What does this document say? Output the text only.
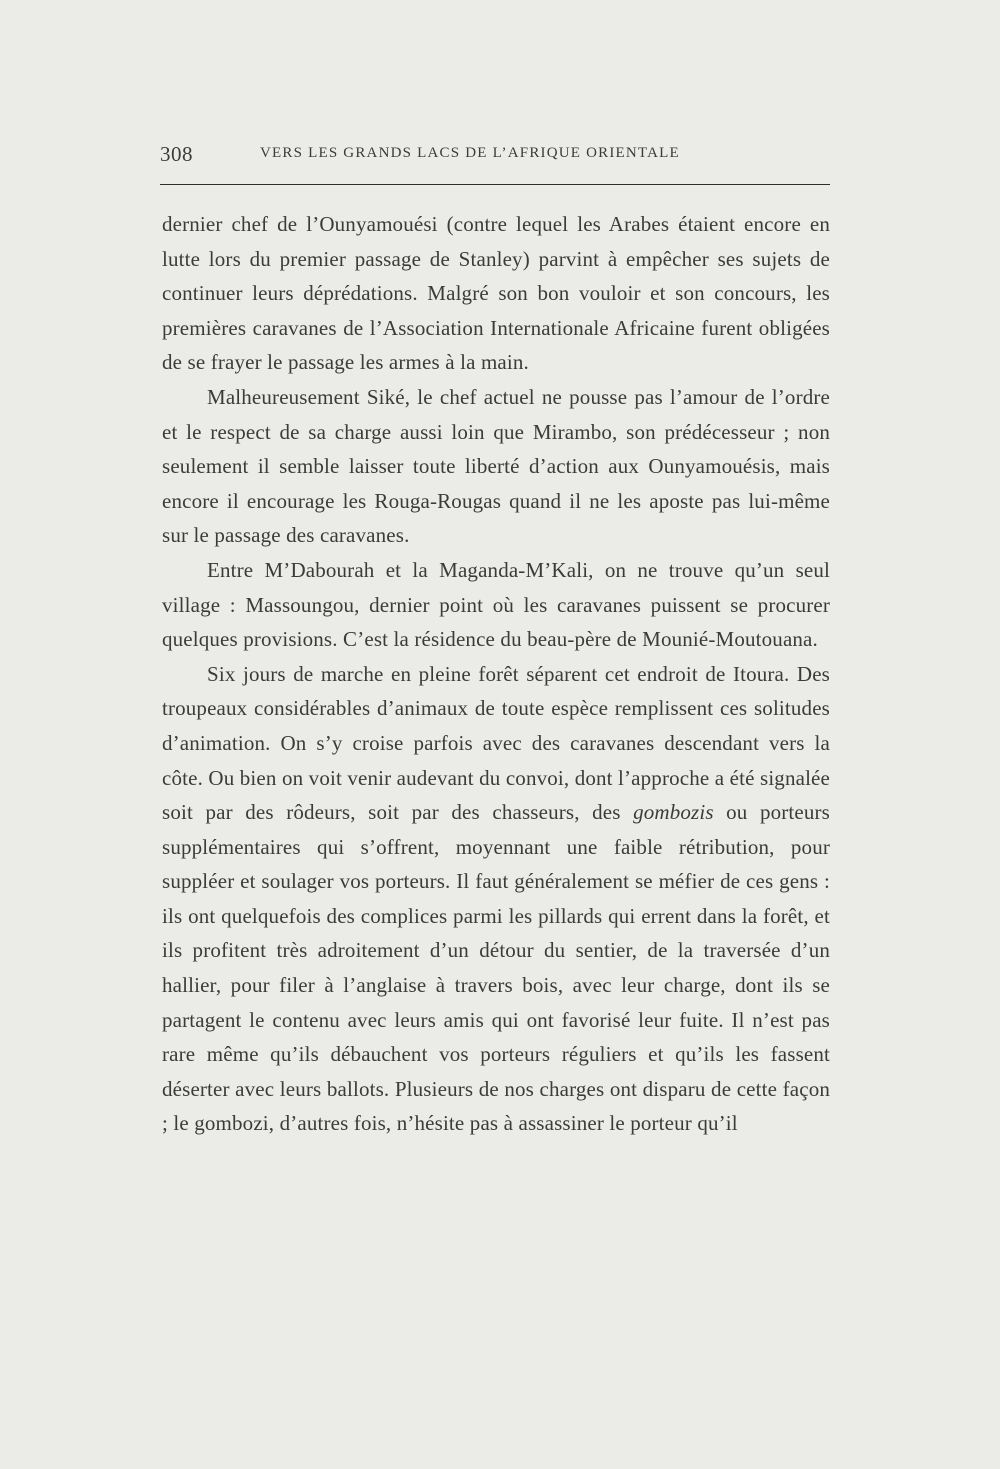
308	VERS LES GRANDS LACS DE L’AFRIQUE ORIENTALE

dernier chef de l’Ounyamouési (contre lequel les Arabes étaient encore en lutte lors du premier passage de Stanley) parvint à empêcher ses sujets de continuer leurs déprédations. Malgré son bon vouloir et son concours, les premières caravanes de l’Association Internationale Africaine furent obligées de se frayer le passage les armes à la main.

Malheureusement Siké, le chef actuel ne pousse pas l’amour de l’ordre et le respect de sa charge aussi loin que Mirambo, son prédécesseur ; non seulement il semble laisser toute liberté d’action aux Ounyamouésis, mais encore il encourage les Rouga-Rougas quand il ne les aposte pas lui-même sur le passage des caravanes.

Entre M’Dabourah et la Maganda-M’Kali, on ne trouve qu’un seul village : Massoungou, dernier point où les caravanes puissent se procurer quelques provisions. C’est la résidence du beau-père de Mounié-Moutouana.

Six jours de marche en pleine forêt séparent cet endroit de Itoura. Des troupeaux considérables d’animaux de toute espèce remplissent ces solitudes d’animation. On s’y croise parfois avec des caravanes descendant vers la côte. Ou bien on voit venir audevant du convoi, dont l’approche a été signalée soit par des rôdeurs, soit par des chasseurs, des gombozis ou porteurs supplémentaires qui s’offrent, moyennant une faible rétribution, pour suppléer et soulager vos porteurs. Il faut généralement se méfier de ces gens : ils ont quelquefois des complices parmi les pillards qui errent dans la forêt, et ils profitent très adroitement d’un détour du sentier, de la traversée d’un hallier, pour filer à l’anglaise à travers bois, avec leur charge, dont ils se partagent le contenu avec leurs amis qui ont favorisé leur fuite. Il n’est pas rare même qu’ils débauchent vos porteurs réguliers et qu’ils les fassent déserter avec leurs ballots. Plusieurs de nos charges ont disparu de cette façon ; le gombozi, d’autres fois, n’hésite pas à assassiner le porteur qu’il
